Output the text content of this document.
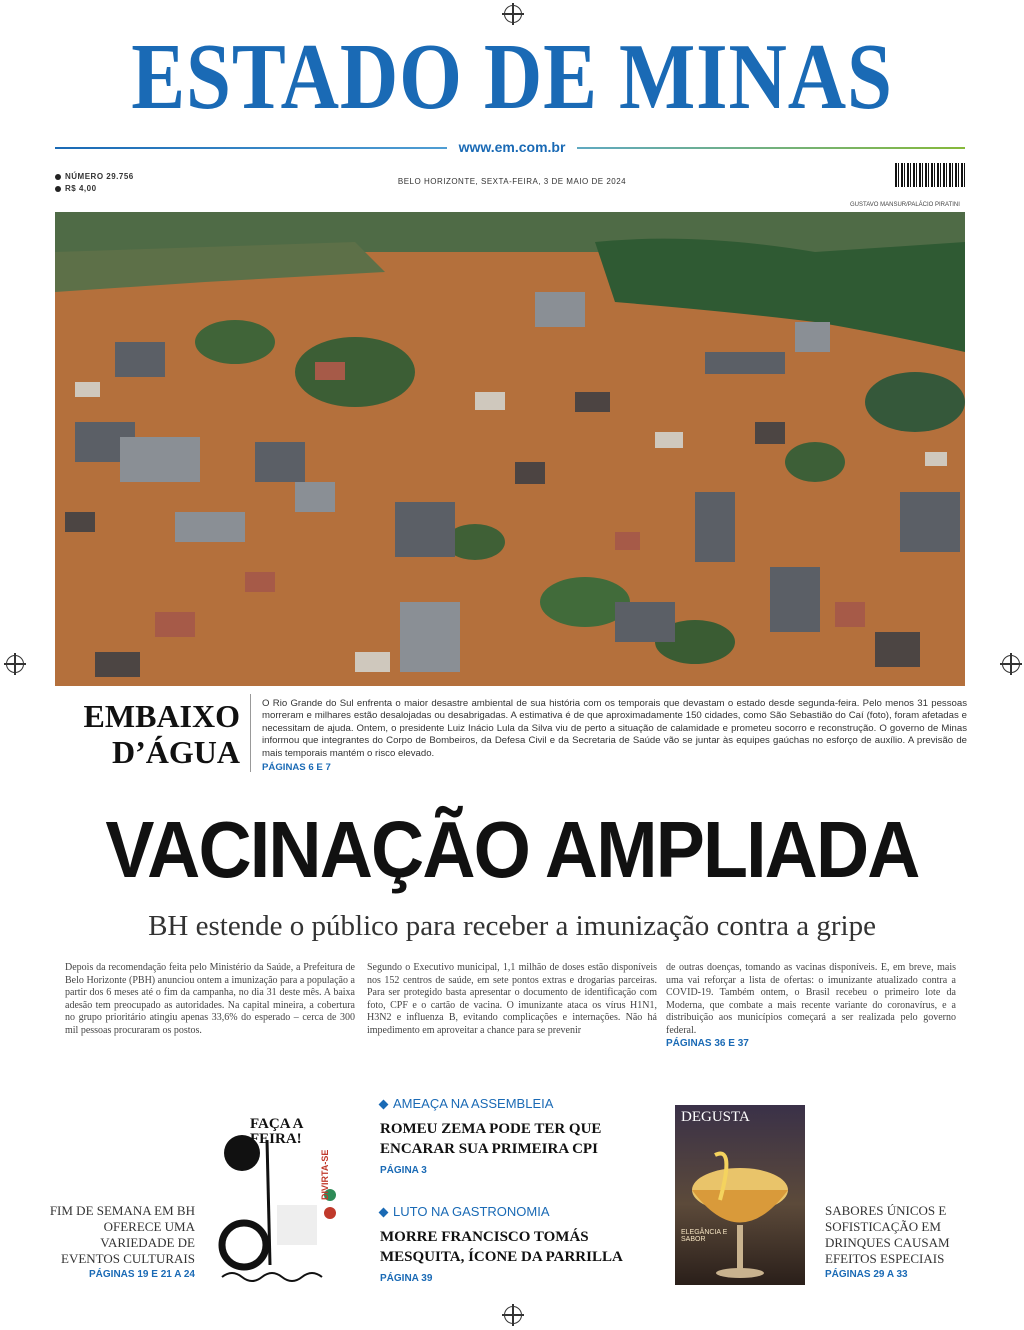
ESTADO DE MINAS
www.em.com.br
NÚMERO 29.756
R$ 4,00
BELO HORIZONTE, SEXTA-FEIRA, 3 DE MAIO DE 2024
GUSTAVO MANSUR/PALÁCIO PIRATINI
EMBAIXO
D’ÁGUA
O Rio Grande do Sul enfrenta o maior desastre ambiental de sua história com os temporais que devastam o estado desde segunda-feira. Pelo menos 31 pessoas morreram e milhares estão desalojadas ou desabrigadas. A estimativa é de que aproximadamente 150 cidades, como São Sebastião do Caí (foto), foram afetadas e necessitam de ajuda. Ontem, o presidente Luiz Inácio Lula da Silva viu de perto a situação de calamidade e prometeu socorro e reconstrução. O governo de Minas informou que integrantes do Corpo de Bombeiros, da Defesa Civil e da Secretaria de Saúde vão se juntar às equipes gaúchas no esforço de auxílio. A previsão de mais temporais mantém o risco elevado.
PÁGINAS 6 E 7
VACINAÇÃO AMPLIADA
BH estende o público para receber a imunização contra a gripe
Depois da recomendação feita pelo Ministério da Saúde, a Prefeitura de Belo Horizonte (PBH) anunciou ontem a imunização para a população a partir dos 6 meses até o fim da campanha, no dia 31 deste mês. A baixa adesão tem preocupado as autoridades. Na capital mineira, a cobertura no grupo prioritário atingiu apenas 33,6% do esperado – cerca de 300 mil pessoas procuraram os postos.
Segundo o Executivo municipal, 1,1 milhão de doses estão disponíveis nos 152 centros de saúde, em sete pontos extras e drogarias parceiras. Para ser protegido basta apresentar o documento de identificação com foto, CPF e o cartão de vacina. O imunizante ataca os vírus H1N1, H3N2 e influenza B, evitando complicações e internações. Não há impedimento em aproveitar a chance para se prevenir
de outras doenças, tomando as vacinas disponíveis. E, em breve, mais uma vai reforçar a lista de ofertas: o imunizante atualizado contra a COVID-19. Também ontem, o Brasil recebeu o primeiro lote da Moderna, que combate a mais recente variante do coronavírus, e a distribuição aos municípios começará a ser realizada pelo governo federal.
PÁGINAS 36 E 37
FIM DE SEMANA EM BH OFERECE UMA VARIEDADE DE EVENTOS CULTURAIS
PÁGINAS 19 E 21 A 24
FAÇA A FEIRA!
DIVIRTA-SE
AMEAÇA NA ASSEMBLEIA
ROMEU ZEMA PODE TER QUE ENCARAR SUA PRIMEIRA CPI
PÁGINA 3
LUTO NA GASTRONOMIA
MORRE FRANCISCO TOMÁS MESQUITA, ÍCONE DA PARRILLA
PÁGINA 39
DEGUSTA
ELEGÂNCIA E SABOR
SABORES ÚNICOS E SOFISTICAÇÃO EM DRINQUES CAUSAM EFEITOS ESPECIAIS
PÁGINAS 29 A 33
